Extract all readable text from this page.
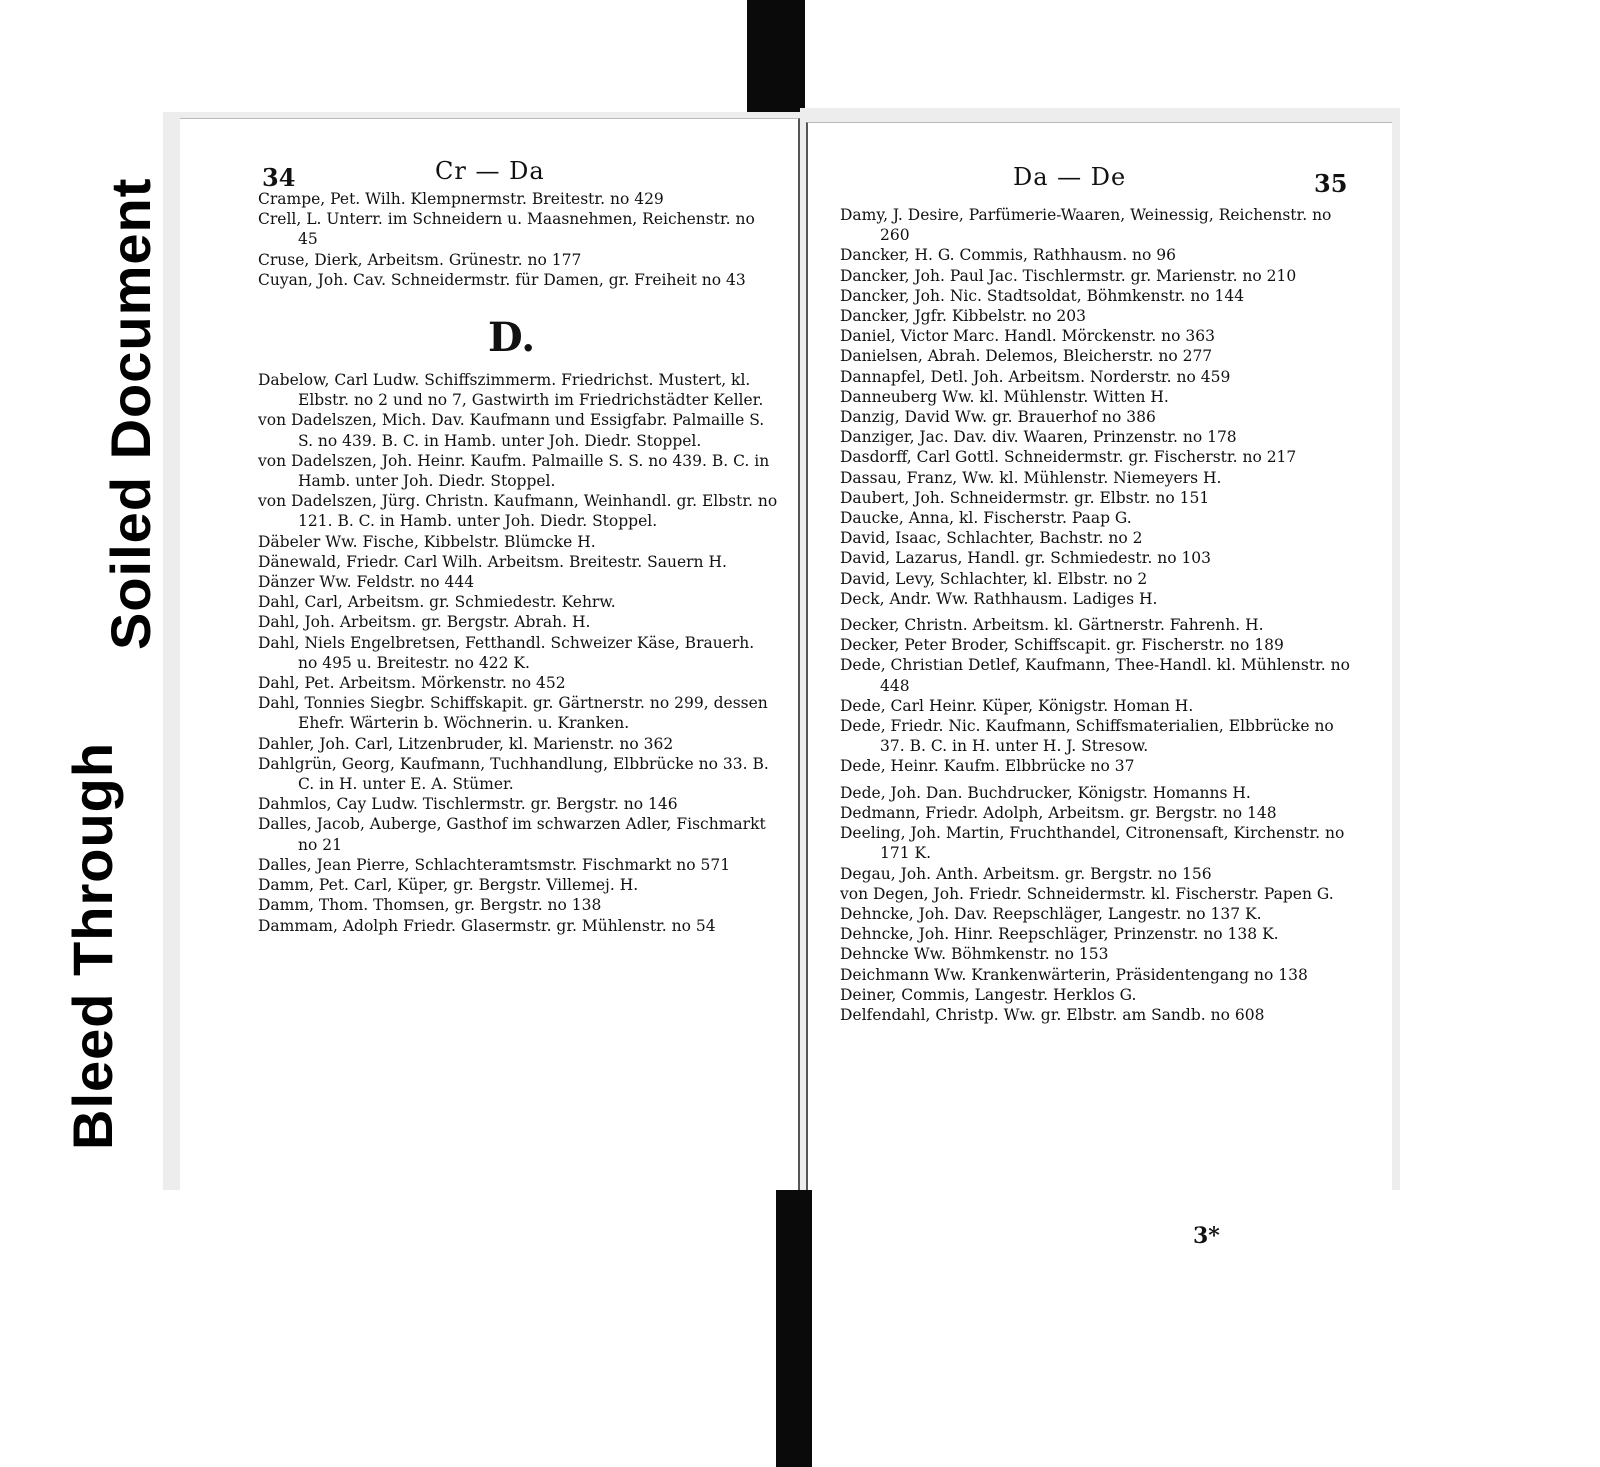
Bleed Through
Soiled Document
34	Cr — Da

Crampe, Pet. Wilh. Klempnermstr. Breitestr. no 429

Crell, L. Unterr. im Schneidern u. Maasnehmen, Reichenstr. no 45

Cruse, Dierk, Arbeitsm. Grünestr. no 177

Cuyan, Joh. Cav. Schneidermstr. für Damen, gr. Freiheit no 43

D.

Dabelow, Carl Ludw. Schiffszimmerm. Friedrichst. Mustert, kl. Elbstr. no 2 und no 7, Gastwirth im Friedrichstädter Keller.

von Dadelszen, Mich. Dav. Kaufmann und Essigfabr. Palmaille S. S. no 439. B. C. in Hamb. unter Joh. Diedr. Stoppel.

von Dadelszen, Joh. Heinr. Kaufm. Palmaille S. S. no 439. B. C. in Hamb. unter Joh. Diedr. Stoppel.

von Dadelszen, Jürg. Christn. Kaufmann, Weinhandl. gr. Elbstr. no 121. B. C. in Hamb. unter Joh. Diedr. Stoppel.

Däbeler Ww. Fische, Kibbelstr. Blümcke H.

Dänewald, Friedr. Carl Wilh. Arbeitsm. Breitestr. Sauern H.

Dänzer Ww. Feldstr. no 444

Dahl, Carl, Arbeitsm. gr. Schmiedestr. Kehrw.

Dahl, Joh. Arbeitsm. gr. Bergstr. Abrah. H.

Dahl, Niels Engelbretsen, Fetthandl. Schweizer Käse, Brauerh. no 495 u. Breitestr. no 422 K.

Dahl, Pet. Arbeitsm. Mörkenstr. no 452

Dahl, Tonnies Siegbr. Schiffskapit. gr. Gärtnerstr. no 299, dessen Ehefr. Wärterin b. Wöchnerin. u. Kranken.

Dahler, Joh. Carl, Litzenbruder, kl. Marienstr. no 362

Dahlgrün, Georg, Kaufmann, Tuchhandlung, Elbbrücke no 33. B. C. in H. unter E. A. Stümer.

Dahmlos, Cay Ludw. Tischlermstr. gr. Bergstr. no 146

Dalles, Jacob, Auberge, Gasthof im schwarzen Adler, Fischmarkt no 21

Dalles, Jean Pierre, Schlachteramtsmstr. Fischmarkt no 571

Damm, Pet. Carl, Küper, gr. Bergstr. Villemej. H.

Damm, Thom. Thomsen, gr. Bergstr. no 138

Dammam, Adolph Friedr. Glasermstr. gr. Mühlenstr. no 54

Da — De	35

Damy, J. Desire, Parfümerie-Waaren, Weinessig, Reichenstr. no 260

Dancker, H. G. Commis, Rathhausm. no 96

Dancker, Joh. Paul Jac. Tischlermstr. gr. Marienstr. no 210

Dancker, Joh. Nic. Stadtsoldat, Böhmkenstr. no 144

Dancker, Jgfr. Kibbelstr. no 203

Daniel, Victor Marc. Handl. Mörckenstr. no 363

Danielsen, Abrah. Delemos, Bleicherstr. no 277

Dannapfel, Detl. Joh. Arbeitsm. Norderstr. no 459

Danneuberg Ww. kl. Mühlenstr. Witten H.

Danzig, David Ww. gr. Brauerhof no 386

Danziger, Jac. Dav. div. Waaren, Prinzenstr. no 178

Dasdorff, Carl Gottl. Schneidermstr. gr. Fischerstr. no 217

Dassau, Franz, Ww. kl. Mühlenstr. Niemeyers H.

Daubert, Joh. Schneidermstr. gr. Elbstr. no 151

Daucke, Anna, kl. Fischerstr. Paap G.

David, Isaac, Schlachter, Bachstr. no 2

David, Lazarus, Handl. gr. Schmiedestr. no 103

David, Levy, Schlachter, kl. Elbstr. no 2

Deck, Andr. Ww. Rathhausm. Ladiges H.

Decker, Christn. Arbeitsm. kl. Gärtnerstr. Fahrenh. H.

Decker, Peter Broder, Schiffscapit. gr. Fischerstr. no 189

Dede, Christian Detlef, Kaufmann, Thee-Handl. kl. Mühlenstr. no 448

Dede, Carl Heinr. Küper, Königstr. Homan H.

Dede, Friedr. Nic. Kaufmann, Schiffsmaterialien, Elbbrücke no 37. B. C. in H. unter H. J. Stresow.

Dede, Heinr. Kaufm. Elbbrücke no 37

Dede, Joh. Dan. Buchdrucker, Königstr. Homanns H.

Dedmann, Friedr. Adolph, Arbeitsm. gr. Bergstr. no 148

Deeling, Joh. Martin, Fruchthandel, Citronensaft, Kirchenstr. no 171 K.

Degau, Joh. Anth. Arbeitsm. gr. Bergstr. no 156

von Degen, Joh. Friedr. Schneidermstr. kl. Fischerstr. Papen G.

Dehncke, Joh. Dav. Reepschläger, Langestr. no 137 K.

Dehncke, Joh. Hinr. Reepschläger, Prinzenstr. no 138 K.

Dehncke Ww. Böhmkenstr. no 153

Deichmann Ww. Krankenwärterin, Präsidentengang no 138

Deiner, Commis, Langestr. Herklos G.

Delfendahl, Christp. Ww. gr. Elbstr. am Sandb. no 608

3*
